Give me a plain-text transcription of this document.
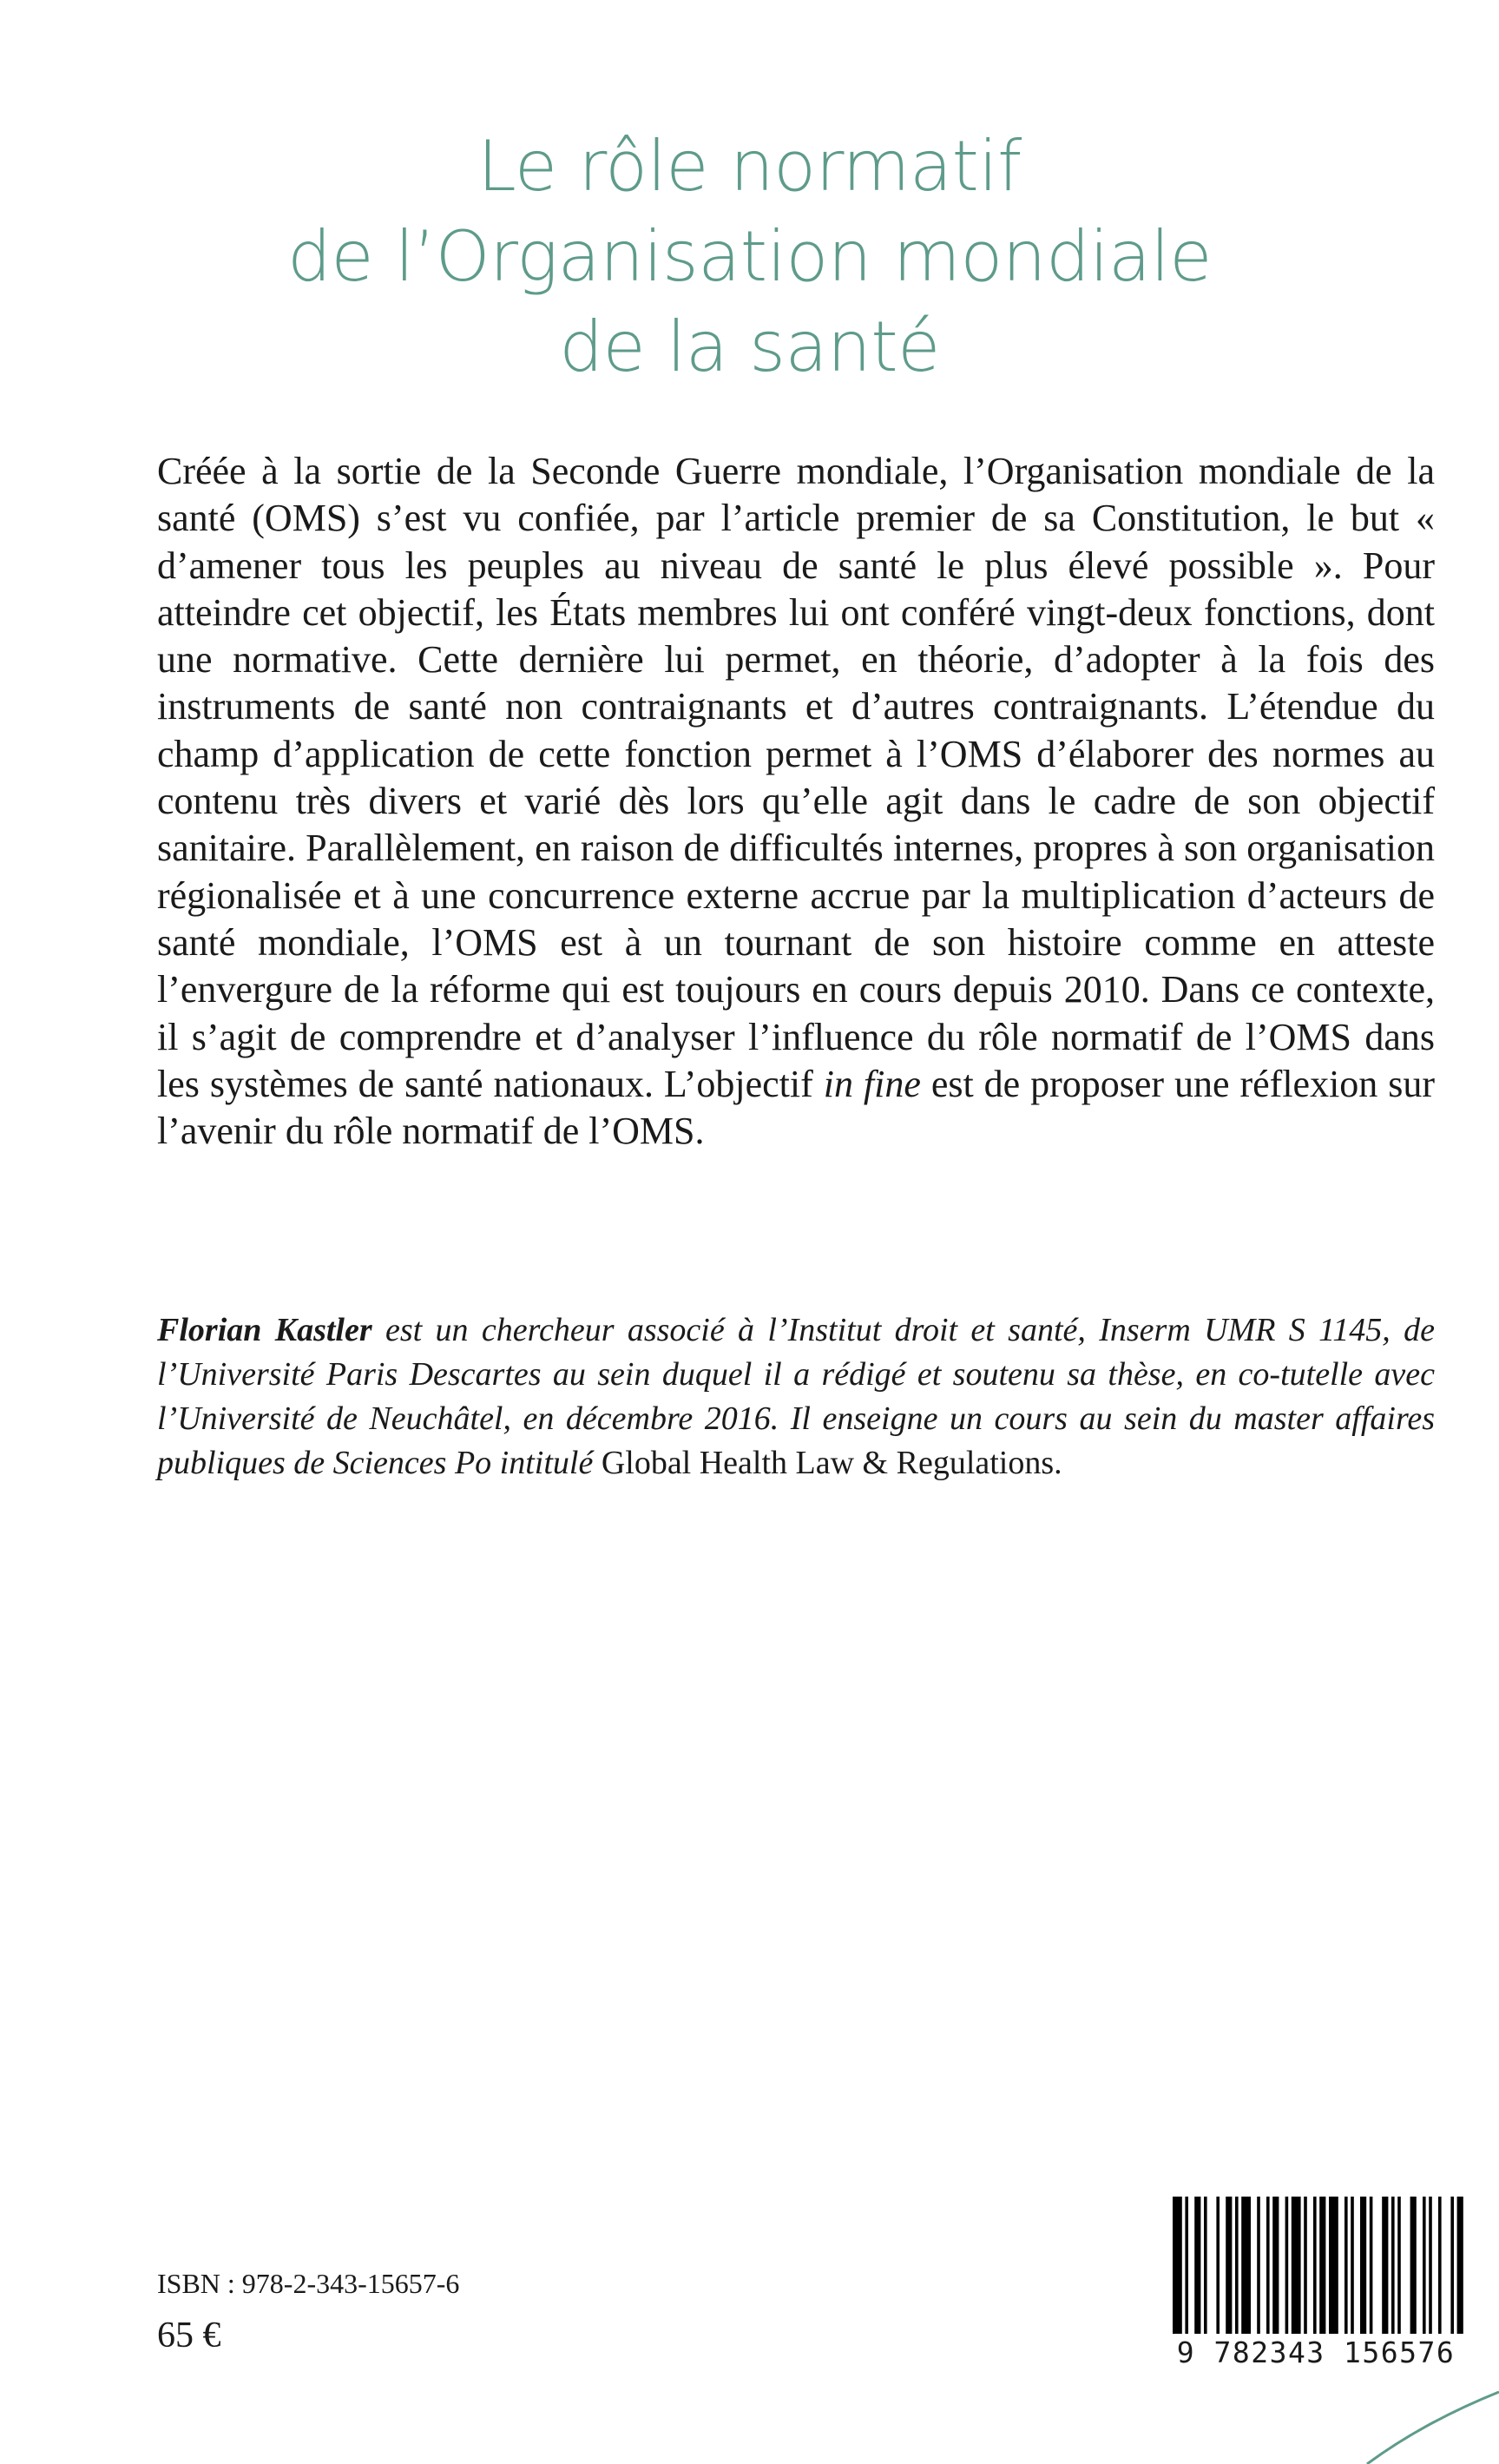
Le rôle normatif
de l’Organisation mondiale
de la santé

Créée à la sortie de la Seconde Guerre mondiale, l’Organisation mondiale de la santé (OMS) s’est vu confiée, par l’article premier de sa Constitution, le but « d’amener tous les peuples au niveau de santé le plus élevé possible ». Pour atteindre cet objectif, les États membres lui ont conféré vingt-deux fonctions, dont une normative. Cette dernière lui permet, en théorie, d’adopter à la fois des instruments de santé non contraignants et d’autres contraignants. L’étendue du champ d’application de cette fonction permet à l’OMS d’élaborer des normes au contenu très divers et varié dès lors qu’elle agit dans le cadre de son objectif sanitaire. Parallèlement, en raison de difficultés internes, propres à son organisation régionalisée et à une concurrence externe accrue par la multiplication d’acteurs de santé mondiale, l’OMS est à un tournant de son histoire comme en atteste l’envergure de la réforme qui est toujours en cours depuis 2010. Dans ce contexte, il s’agit de comprendre et d’analyser l’influence du rôle normatif de l’OMS dans les systèmes de santé nationaux. L’objectif in fine est de proposer une réflexion sur l’avenir du rôle normatif de l’OMS.

Florian Kastler est un chercheur associé à l’Institut droit et santé, Inserm UMR S 1145, de l’Université Paris Descartes au sein duquel il a rédigé et soutenu sa thèse, en co-tutelle avec l’Université de Neuchâtel, en décembre 2016. Il enseigne un cours au sein du master affaires publiques de Sciences Po intitulé Global Health Law & Regulations.

ISBN : 978-2-343-15657-6
65 €	9 782343 156576
